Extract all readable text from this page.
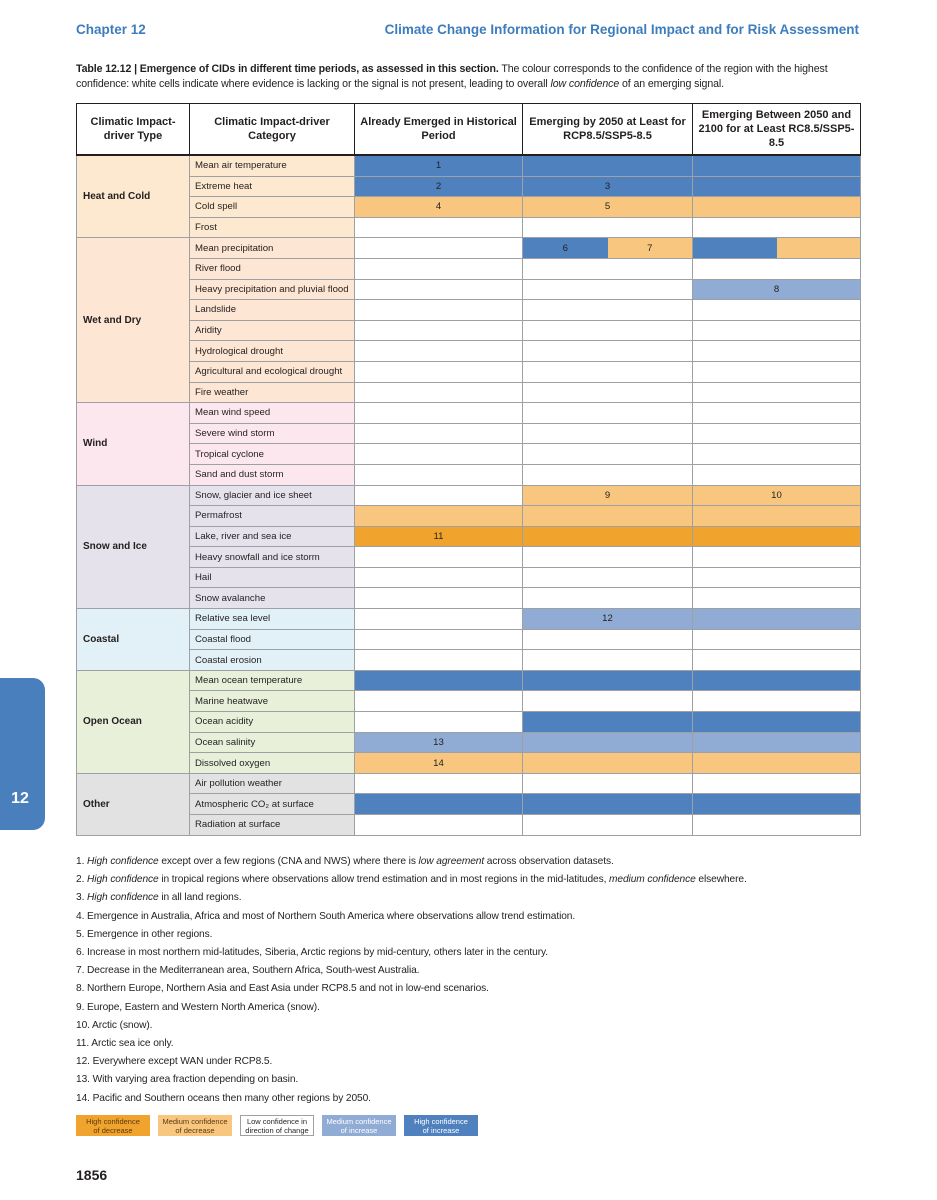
Chapter 12	Climate Change Information for Regional Impact and for Risk Assessment
Table 12.12 | Emergence of CIDs in different time periods, as assessed in this section. The colour corresponds to the confidence of the region with the highest confidence: white cells indicate where evidence is lacking or the signal is not present, leading to overall low confidence of an emerging signal.
Climatic Impact-driver Type	Climatic Impact-driver Category	Already Emerged in Historical Period	Emerging by 2050 at Least for RCP8.5/SSP5-8.5	Emerging Between 2050 and 2100 for at Least RC8.5/SSP5-8.5
Heat and Cold	Mean air temperature	1		
	Extreme heat	2	3	
	Cold spell	4	5	
	Frost			
Wet and Dry	Mean precipitation		6 7	

	River flood			
	Heavy precipitation and pluvial flood			8
	Landslide			
	Aridity			
	Hydrological drought			
	Agricultural and ecological drought			
	Fire weather			
Wind	Mean wind speed			
	Severe wind storm			
	Tropical cyclone			
	Sand and dust storm			
Snow and Ice	Snow, glacier and ice sheet		9	10
	Permafrost			
	Lake, river and sea ice	11		
	Heavy snowfall and ice storm			
	Hail			
	Snow avalanche			
Coastal	Relative sea level		12	
	Coastal flood			
	Coastal erosion			
Open Ocean	Mean ocean temperature			
	Marine heatwave			
	Ocean acidity			
	Ocean salinity	13		
	Dissolved oxygen	14		
Other	Air pollution weather			
	Atmospheric CO₂ at surface			
	Radiation at surface			
1. High confidence except over a few regions (CNA and NWS) where there is low agreement across observation datasets.
2. High confidence in tropical regions where observations allow trend estimation and in most regions in the mid-latitudes, medium confidence elsewhere.
3. High confidence in all land regions.
4. Emergence in Australia, Africa and most of Northern South America where observations allow trend estimation.
5. Emergence in other regions.
6. Increase in most northern mid-latitudes, Siberia, Arctic regions by mid-century, others later in the century.
7. Decrease in the Mediterranean area, Southern Africa, South-west Australia.
8. Northern Europe, Northern Asia and East Asia under RCP8.5 and not in low-end scenarios.
9. Europe, Eastern and Western North America (snow).
10. Arctic (snow).
11. Arctic sea ice only.
12. Everywhere except WAN under RCP8.5.
13. With varying area fraction depending on basin.
14. Pacific and Southern oceans then many other regions by 2050.
High confidence
of decrease
Medium confidence
of decrease
Low confidence in
direction of change
Medium confidence
of increase
High confidence
of increase
1856
12
